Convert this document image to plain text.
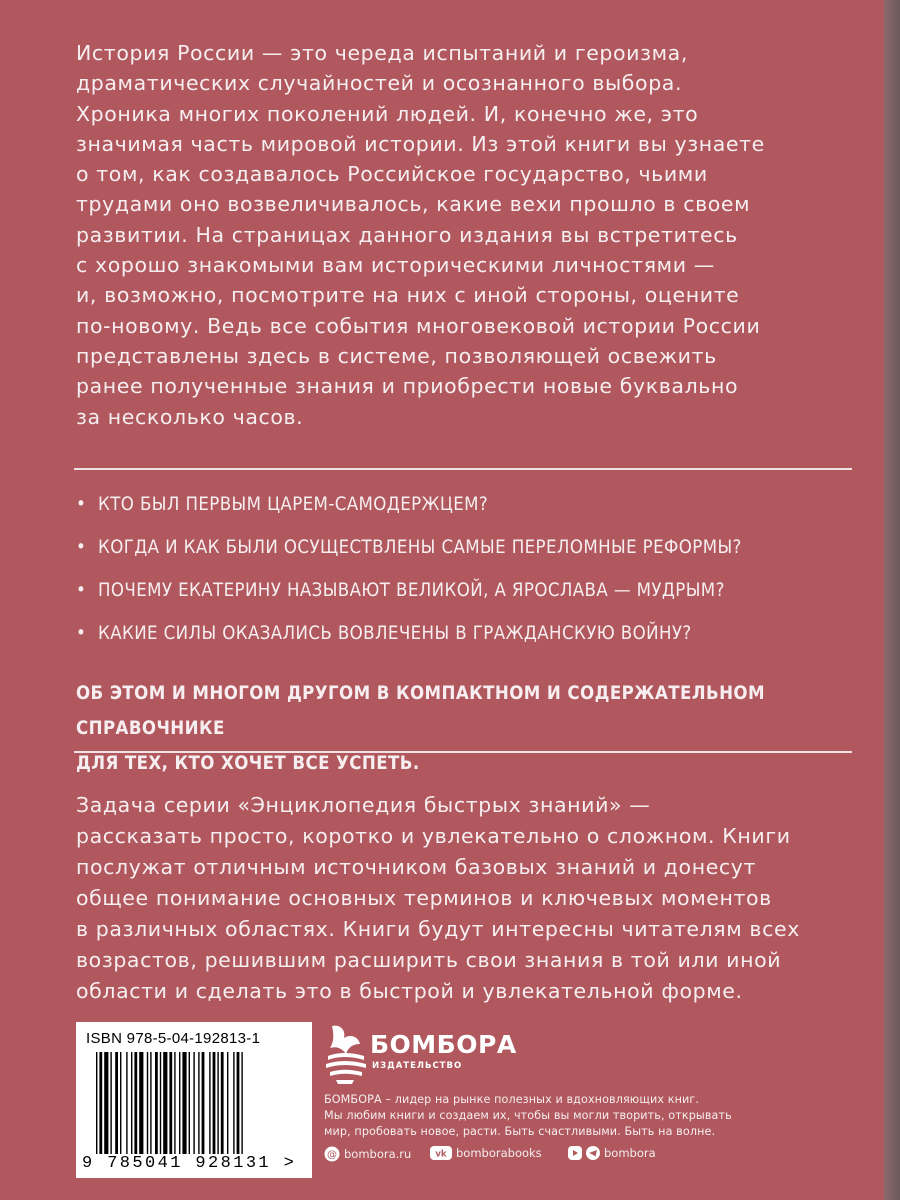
История России — это череда испытаний и героизма,

драматических случайностей и осознанного выбора.

Хроника многих поколений людей. И, конечно же, это

значимая часть мировой истории. Из этой книги вы узнаете

о том, как создавалось Российское государство, чьими

трудами оно возвеличивалось, какие вехи прошло в своем

развитии. На страницах данного издания вы встретитесь

с хорошо знакомыми вам историческими личностями —

и, возможно, посмотрите на них с иной стороны, оцените

по-новому. Ведь все события многовековой истории России

представлены здесь в системе, позволяющей освежить

ранее полученные знания и приобрести новые буквально

за несколько часов.

• КТО БЫЛ ПЕРВЫМ ЦАРЕМ-САМОДЕРЖЦЕМ?
• КОГДА И КАК БЫЛИ ОСУЩЕСТВЛЕНЫ САМЫЕ ПЕРЕЛОМНЫЕ РЕФОРМЫ?
• ПОЧЕМУ ЕКАТЕРИНУ НАЗЫВАЮТ ВЕЛИКОЙ, А ЯРОСЛАВА — МУДРЫМ?
• КАКИЕ СИЛЫ ОКАЗАЛИСЬ ВОВЛЕЧЕНЫ В ГРАЖДАНСКУЮ ВОЙНУ?
ОБ ЭТОМ И МНОГОМ ДРУГОМ В КОМПАКТНОМ И СОДЕРЖАТЕЛЬНОМ СПРАВОЧНИКЕ
ДЛЯ ТЕХ, КТО ХОЧЕТ ВСЕ УСПЕТЬ.
Задача серии «Энциклопедия быстрых знаний» —
рассказать просто, коротко и увлекательно о сложном. Книги
послужат отличным источником базовых знаний и донесут
общее понимание основных терминов и ключевых моментов
в различных областях. Книги будут интересны читателям всех
возрастов, решившим расширить свои знания в той или иной
области и сделать это в быстрой и увлекательной форме.
ISBN 978-5-04-192813-1
9 785041 928131 >
БОМБОРА
ИЗДАТЕЛЬСТВО
БОМБОРА – лидер на рынке полезных и вдохновляющих книг.
Мы любим книги и создаем их, чтобы вы могли творить, открывать
мир, пробовать новое, расти. Быть счастливыми. Быть на волне.
@ bombora.ru	vk bomborabooks	bombora
